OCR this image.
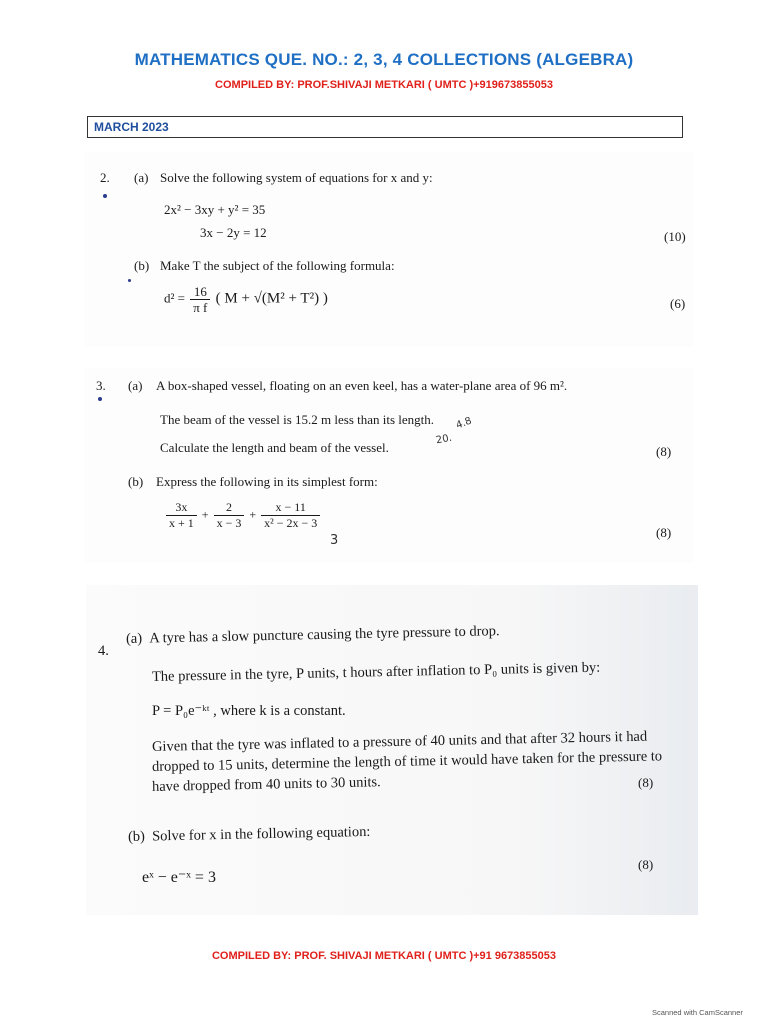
MATHEMATICS QUE. NO.: 2, 3, 4 COLLECTIONS (ALGEBRA)
COMPILED BY: PROF.SHIVAJI METKARI ( UMTC )+919673855053
MARCH 2023
2. (a) Solve the following system of equations for x and y:
2x² − 3xy + y² = 35
3x − 2y = 12	(10)
(b) Make T the subject of the following formula:
$d^2 = \frac{16}{\text{π f}}$ ( M + √(M² + T²) )	(6)
3. (a) A box-shaped vessel, floating on an even keel, has a water-plane area of 96 m².
The beam of the vessel is 15.2 m less than its length.
Calculate the length and beam of the vessel.
4.8
20.
(8)
(b) Express the following in its simplest form:
$\frac{3x}{x + 1} + \frac{2}{x - 3} + \frac{x - 11}{\text{x² − 2x − 3}}$
3
(8)
4.
(a) A tyre has a slow puncture causing the tyre pressure to drop.
The pressure in the tyre, P units, t hours after inflation to P₀ units is given by:
P = P₀e⁻ᵏᵗ , where k is a constant.
Given that the tyre was inflated to a pressure of 40 units and that after 32 hours it had
dropped to 15 units, determine the length of time it would have taken for the pressure to
have dropped from 40 units to 30 units.	(8)
(b) Solve for x in the following equation:
eˣ − e⁻ˣ = 3
(8)
COMPILED BY: PROF. SHIVAJI METKARI ( UMTC )+91 9673855053
Scanned with CamScanner
